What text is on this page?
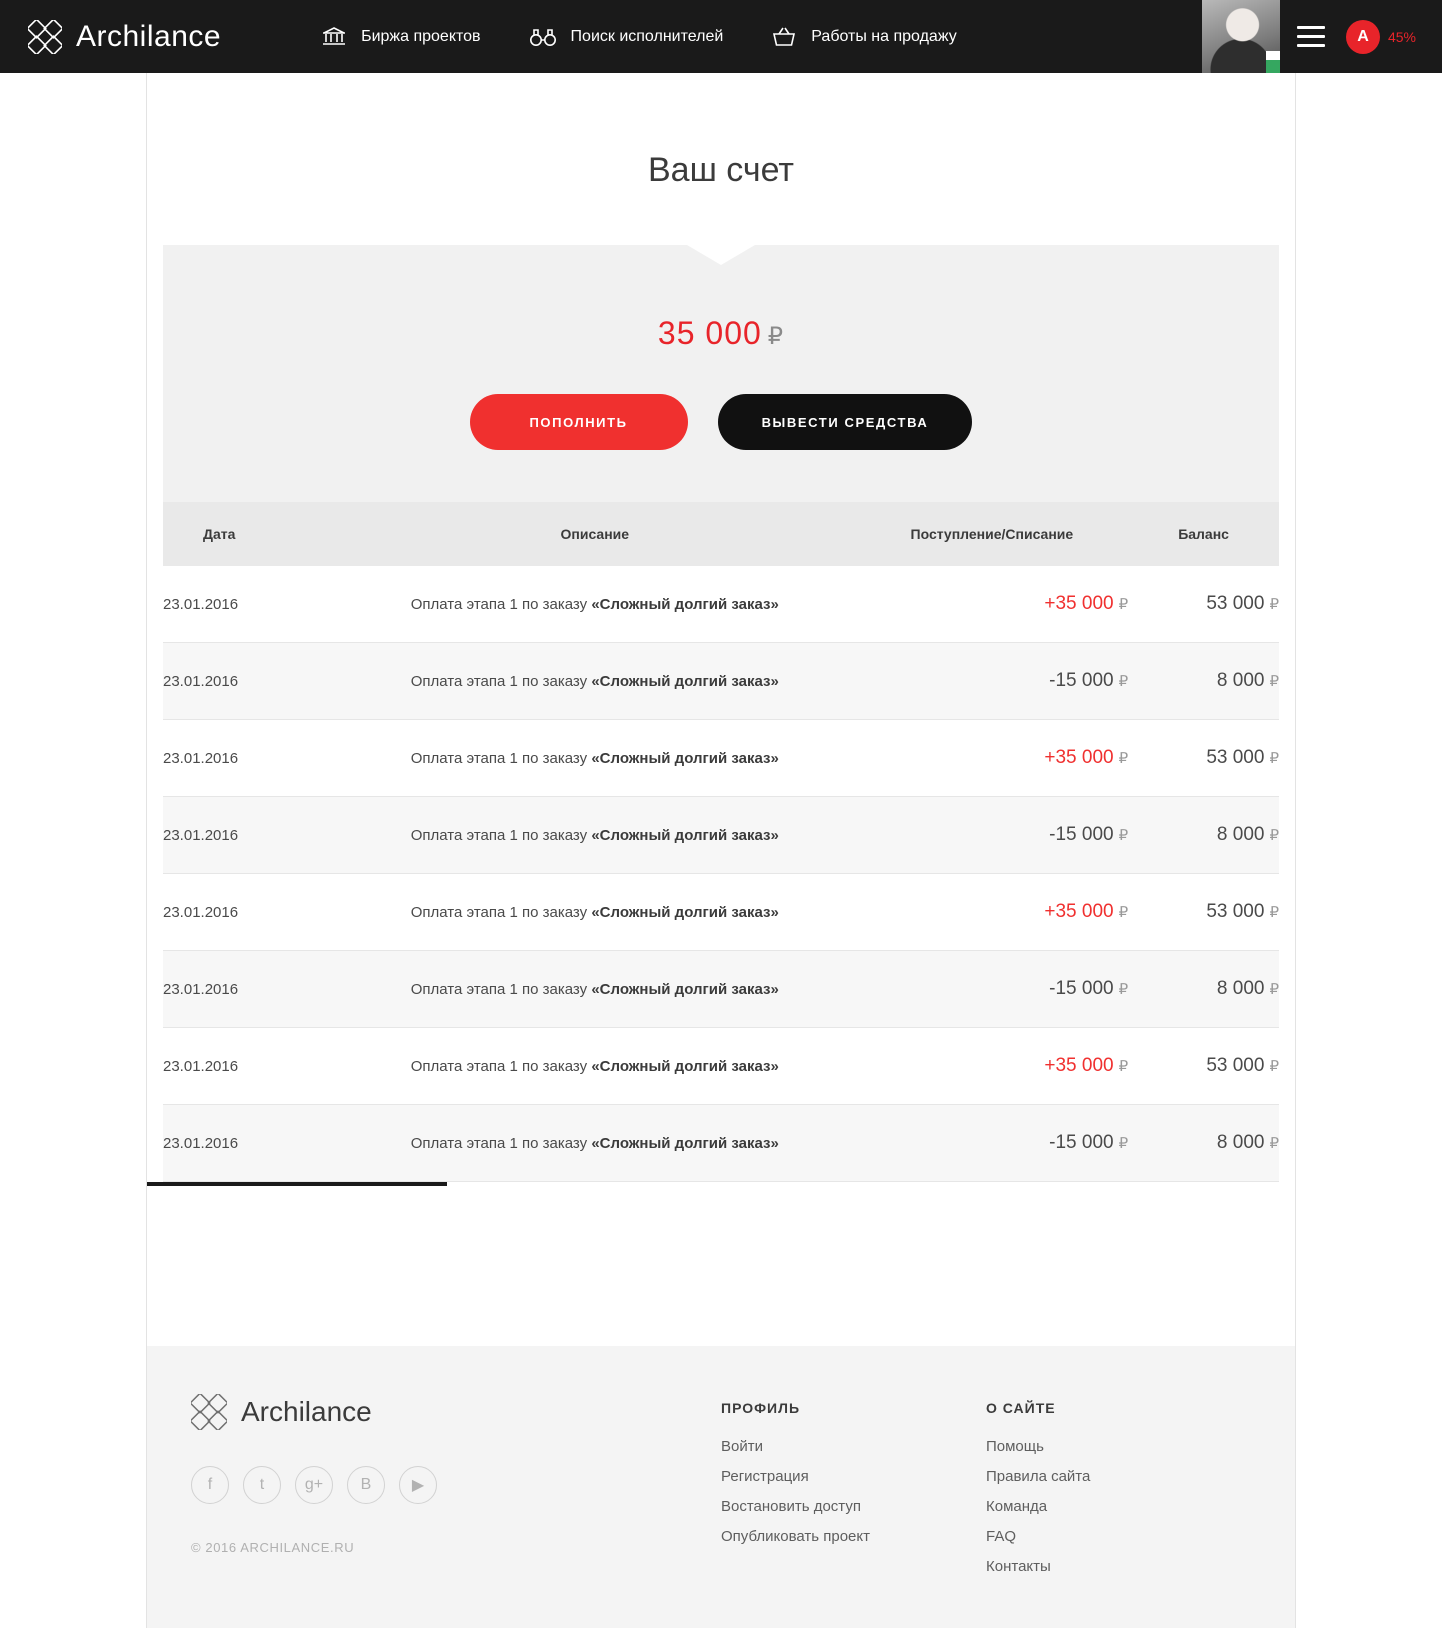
Archilance	Биржа проектов	Поиск исполнителей	Работы на продажу	A	45%
Ваш счет
35 000 ₽
ПОПОЛНИТЬ	ВЫВЕСТИ СРЕДСТВА
Дата	Описание	Поступление/Списание	Баланс
23.01.2016	Оплата этапа 1 по заказу «Сложный долгий заказ»	+35 000 ₽	53 000 ₽
23.01.2016	Оплата этапа 1 по заказу «Сложный долгий заказ»	-15 000 ₽	8 000 ₽
23.01.2016	Оплата этапа 1 по заказу «Сложный долгий заказ»	+35 000 ₽	53 000 ₽
23.01.2016	Оплата этапа 1 по заказу «Сложный долгий заказ»	-15 000 ₽	8 000 ₽
23.01.2016	Оплата этапа 1 по заказу «Сложный долгий заказ»	+35 000 ₽	53 000 ₽
23.01.2016	Оплата этапа 1 по заказу «Сложный долгий заказ»	-15 000 ₽	8 000 ₽
23.01.2016	Оплата этапа 1 по заказу «Сложный долгий заказ»	+35 000 ₽	53 000 ₽
23.01.2016	Оплата этапа 1 по заказу «Сложный долгий заказ»	-15 000 ₽	8 000 ₽
Archilance
f	t	g+	B	▶
© 2016 ARCHILANCE.RU
ПРОФИЛЬ
Войти
Регистрация
Востановить доступ
Опубликовать проект
О САЙТЕ
Помощь
Правила сайта
Команда
FAQ
Контакты
